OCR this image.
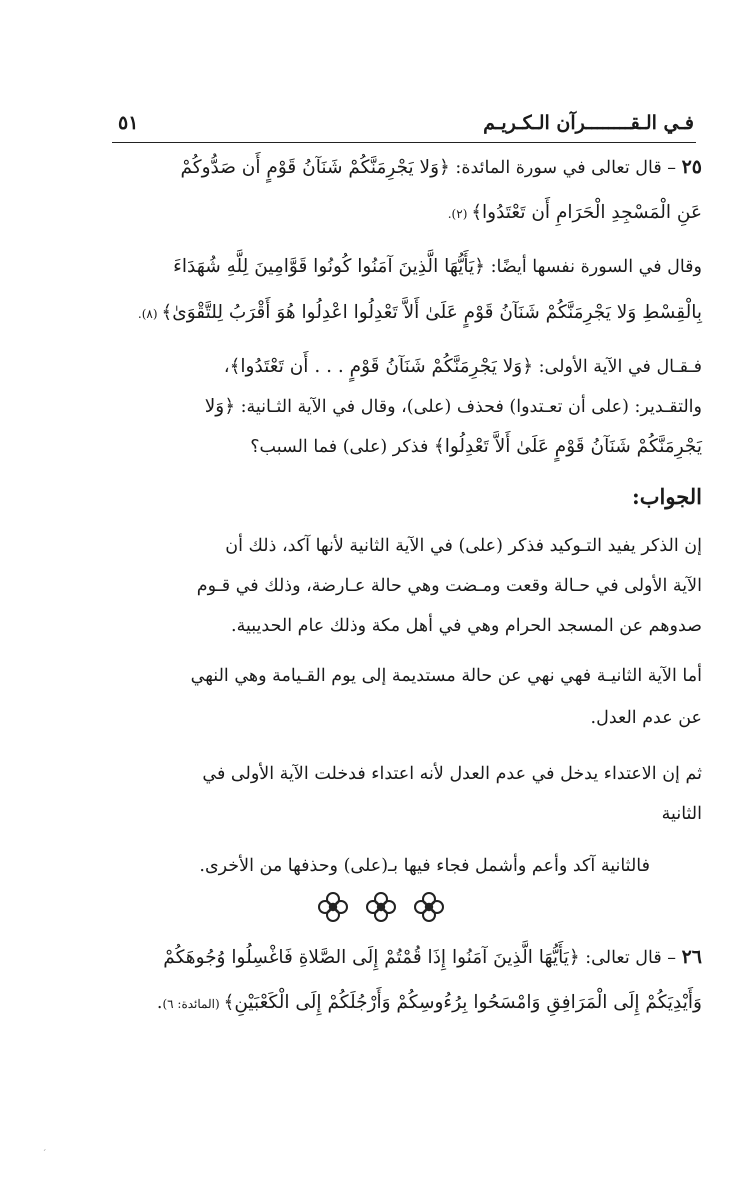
فـي الـقــــــــرآن الـكـريـم
٥١
٢٥ – قال تعالى في سورة المائدة: ﴿وَلا يَجْرِمَنَّكُمْ شَنَآنُ قَوْمٍ أَن صَدُّوكُمْ
عَنِ الْمَسْجِدِ الْحَرَامِ أَن تَعْتَدُوا﴾ (٢).
وقال في السورة نفسها أيضًا: ﴿يَأَيُّهَا الَّذِينَ آمَنُوا كُونُوا قَوَّامِينَ لِلَّهِ شُهَدَاءَ
بِالْقِسْطِ وَلا يَجْرِمَنَّكُمْ شَنَآنُ قَوْمٍ عَلَىٰ أَلاَّ تَعْدِلُوا اعْدِلُوا هُوَ أَقْرَبُ لِلتَّقْوَىٰ﴾ (٨).
فـقـال في الآية الأولى: ﴿وَلا يَجْرِمَنَّكُمْ شَنَآنُ قَوْمٍ . . . أَن تَعْتَدُوا﴾،
والتقـدير: (على أن تعـتدوا) فحذف (على)، وقال في الآية الثـانية: ﴿وَلا
يَجْرِمَنَّكُمْ شَنَآنُ قَوْمٍ عَلَىٰ أَلاَّ تَعْدِلُوا﴾ فذكر (على) فما السبب؟
الجواب:
إن الذكر يفيد التـوكيد فذكر (على) في الآية الثانية لأنها آكد، ذلك أن
الآية الأولى في حـالة وقعت ومـضت وهي حالة عـارضة، وذلك في قـوم
صدوهم عن المسجد الحرام وهي في أهل مكة وذلك عام الحديبية.
أما الآية الثانيـة فهي نهي عن حالة مستديمة إلى يوم القـيامة وهي النهي
عن عدم العدل.
ثم إن الاعتداء يدخل في عدم العدل لأنه اعتداء فدخلت الآية الأولى في
الثانية
فالثانية آكد وأعم وأشمل فجاء فيها بـ(على) وحذفها من الأخرى.
٢٦ – قال تعالى: ﴿يَأَيُّهَا الَّذِينَ آمَنُوا إِذَا قُمْتُمْ إِلَى الصَّلاةِ فَاغْسِلُوا وُجُوهَكُمْ
وَأَيْدِيَكُمْ إِلَى الْمَرَافِقِ وَامْسَحُوا بِرُءُوسِكُمْ وَأَرْجُلَكُمْ إِلَى الْكَعْبَيْنِ﴾ (المائدة: ٦).
´
